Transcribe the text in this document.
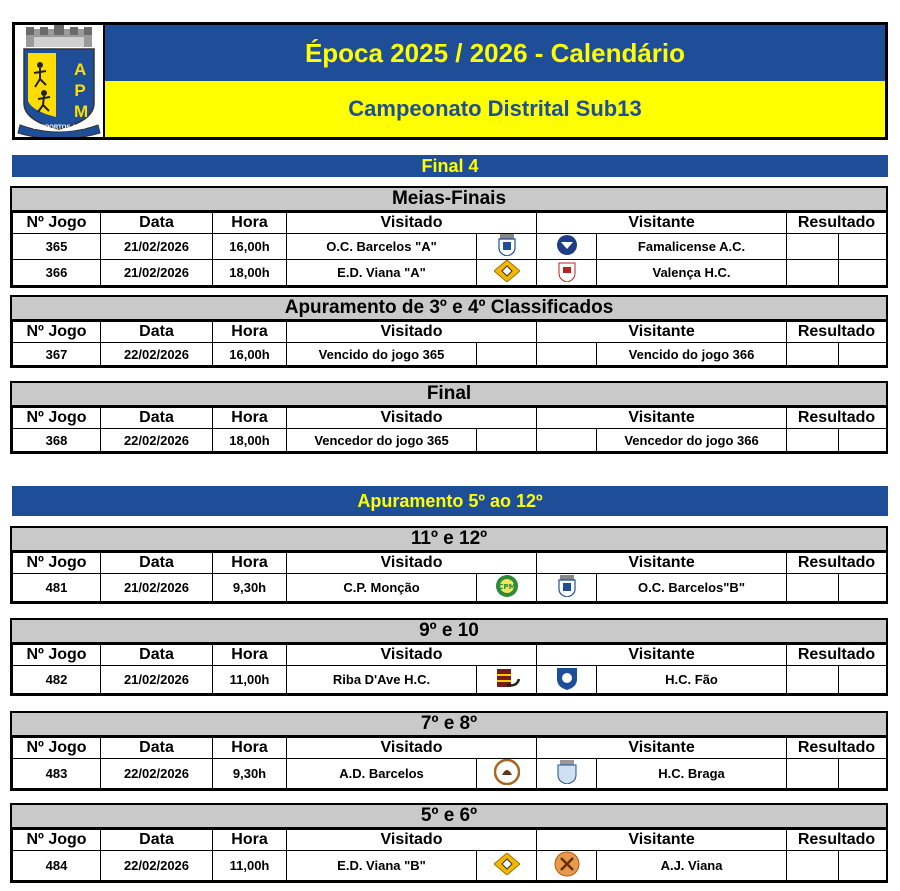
APM
DESPORTOS APM
Época 2025 / 2026 - Calendário
Campeonato Distrital Sub13
Final 4
Meias-Finais
Nº Jogo	Data	Hora	Visitado		Visitante		Resultado	
365	21/02/2026	16,00h	O.C. Barcelos "A"			Famalicense A.C.		
366	21/02/2026	18,00h	E.D. Viana "A"			Valença H.C.		
Apuramento de 3º e 4º Classificados
Nº Jogo	Data	Hora	Visitado		Visitante		Resultado	
367	22/02/2026	16,00h	Vencido do jogo 365			Vencido do jogo 366		
Final
Nº Jogo	Data	Hora	Visitado		Visitante		Resultado	
368	22/02/2026	18,00h	Vencedor do jogo 365			Vencedor do jogo 366		
Apuramento 5º ao 12º
11º e 12º
Nº Jogo	Data	Hora	Visitado		Visitante		Resultado	
481	21/02/2026	9,30h	C.P. Monção	CPM		O.C. Barcelos"B"		
9º e 10
Nº Jogo	Data	Hora	Visitado		Visitante		Resultado	
482	21/02/2026	11,00h	Riba D'Ave H.C.			H.C. Fão		
7º e 8º
Nº Jogo	Data	Hora	Visitado		Visitante		Resultado	
483	22/02/2026	9,30h	A.D. Barcelos			H.C. Braga		
5º e 6º
Nº Jogo	Data	Hora	Visitado		Visitante		Resultado	
484	22/02/2026	11,00h	E.D. Viana "B"			A.J. Viana		
